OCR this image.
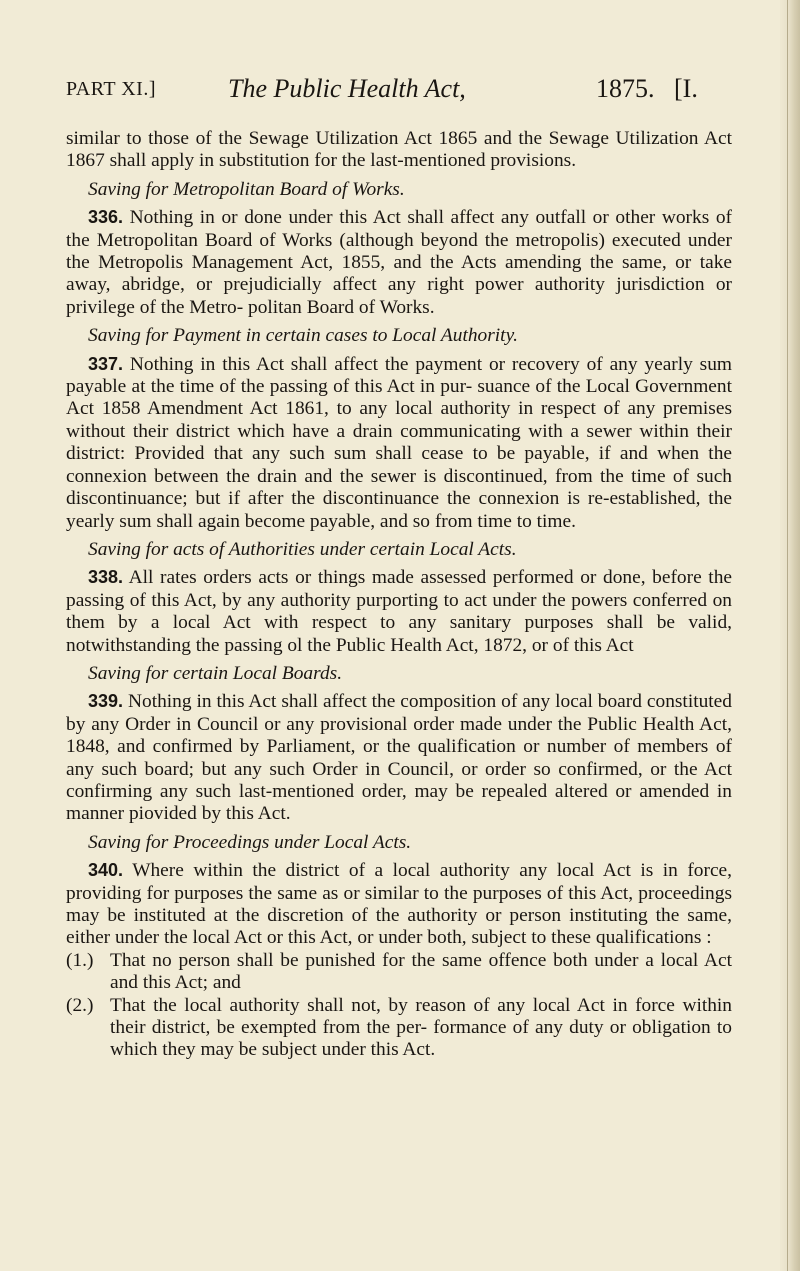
PART XI.]	The Public Health Act,	1875. [I.

similar to those of the Sewage Utilization Act 1865 and the Sewage Utilization Act 1867 shall apply in substitution for the last-mentioned provisions.

Saving for Metropolitan Board of Works.

336. Nothing in or done under this Act shall affect any outfall or other works of the Metropolitan Board of Works (although beyond the metropolis) executed under the Metropolis Management Act, 1855, and the Acts amending the same, or take away, abridge, or prejudicially affect any right power authority jurisdiction or privilege of the Metro- politan Board of Works.

Saving for Payment in certain cases to Local Authority.

337. Nothing in this Act shall affect the payment or recovery of any yearly sum payable at the time of the passing of this Act in pur- suance of the Local Government Act 1858 Amendment Act 1861, to any local authority in respect of any premises without their district which have a drain communicating with a sewer within their district: Provided that any such sum shall cease to be payable, if and when the connexion between the drain and the sewer is discontinued, from the time of such discontinuance; but if after the discontinuance the connexion is re-established, the yearly sum shall again become payable, and so from time to time.

Saving for acts of Authorities under certain Local Acts.

338. All rates orders acts or things made assessed performed or done, before the passing of this Act, by any authority purporting to act under the powers conferred on them by a local Act with respect to any sanitary purposes shall be valid, notwithstanding the passing ol the Public Health Act, 1872, or of this Act

Saving for certain Local Boards.

339. Nothing in this Act shall affect the composition of any local board constituted by any Order in Council or any provisional order made under the Public Health Act, 1848, and confirmed by Parliament, or the qualification or number of members of any such board; but any such Order in Council, or order so confirmed, or the Act confirming any such last-mentioned order, may be repealed altered or amended in manner piovided by this Act.

Saving for Proceedings under Local Acts.

340. Where within the district of a local authority any local Act is in force, providing for purposes the same as or similar to the purposes of this Act, proceedings may be instituted at the discretion of the authority or person instituting the same, either under the local Act or this Act, or under both, subject to these qualifications :

(1.) That no person shall be punished for the same offence both under a local Act and this Act; and
(2.) That the local authority shall not, by reason of any local Act in force within their district, be exempted from the per- formance of any duty or obligation to which they may be subject under this Act.
